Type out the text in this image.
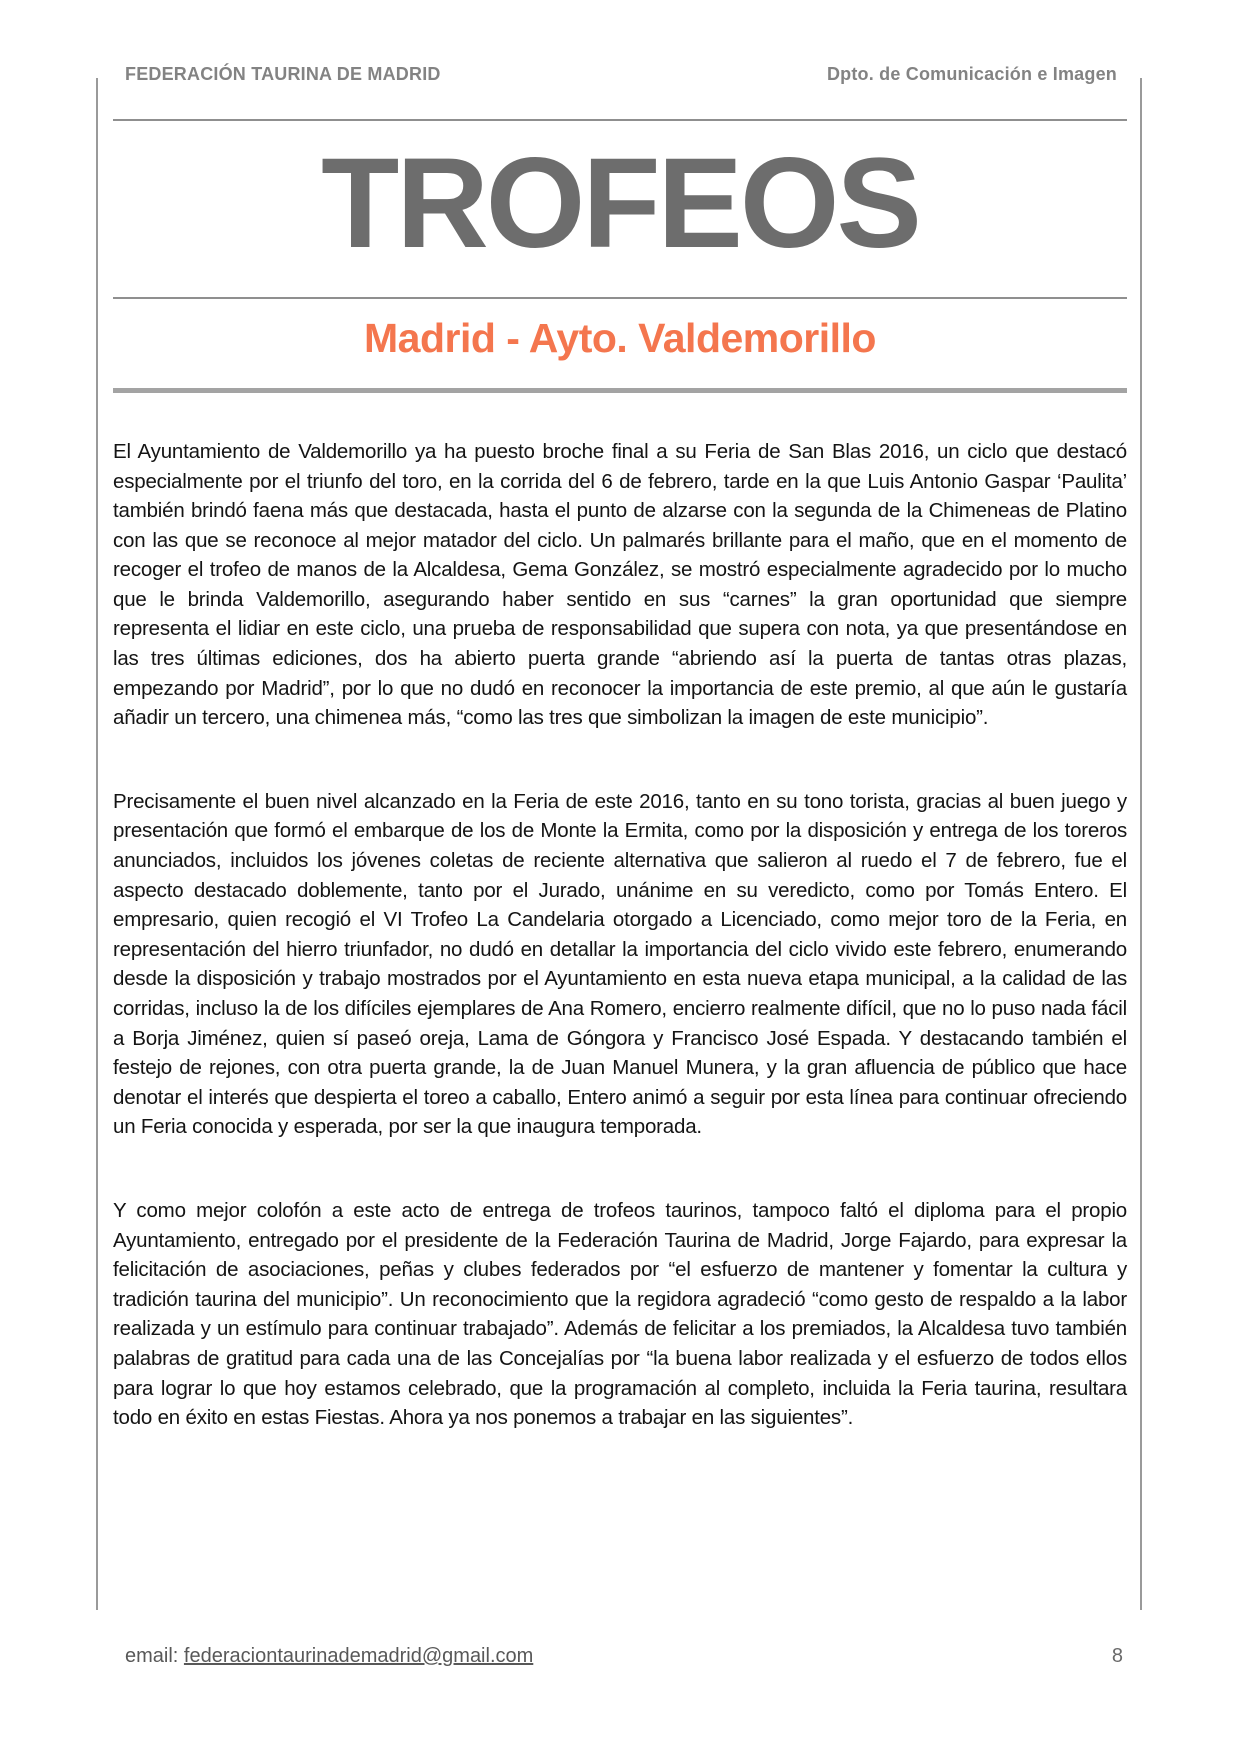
FEDERACIÓN TAURINA DE MADRID	Dpto. de Comunicación e Imagen
TROFEOS
Madrid - Ayto. Valdemorillo

El Ayuntamiento de Valdemorillo ya ha puesto broche final a su Feria de San Blas 2016, un ciclo que destacó especialmente por el triunfo del toro, en la corrida del 6 de febrero, tarde en la que Luis Antonio Gaspar ‘Paulita’ también brindó faena más que destacada, hasta el punto de alzarse con la segunda de la Chimeneas de Platino con las que se reconoce al mejor matador del ciclo. Un palmarés brillante para el maño, que en el momento de recoger el trofeo de manos de la Alcaldesa, Gema González, se mostró especialmente agradecido por lo mucho que le brinda Valdemorillo, asegurando haber sentido en sus “carnes” la gran oportunidad que siempre representa el lidiar en este ciclo, una prueba de responsabilidad que supera con nota, ya que presentándose en las tres últimas ediciones, dos ha abierto puerta grande “abriendo así la puerta de tantas otras plazas, empezando por Madrid”, por lo que no dudó en reconocer la importancia de este premio, al que aún le gustaría añadir un tercero, una chimenea más, “como las tres que simbolizan la imagen de este municipio”.

Precisamente el buen nivel alcanzado en la Feria de este 2016, tanto en su tono torista, gracias al buen juego y presentación que formó el embarque de los de Monte la Ermita, como por la disposición y entrega de los toreros anunciados, incluidos los jóvenes coletas de reciente alternativa que salieron al ruedo el 7 de febrero, fue el aspecto destacado doblemente, tanto por el Jurado, unánime en su veredicto, como por Tomás Entero. El empresario, quien recogió el VI Trofeo La Candelaria otorgado a Licenciado, como mejor toro de la Feria, en representación del hierro triunfador, no dudó en detallar la importancia del ciclo vivido este febrero, enumerando desde la disposición y trabajo mostrados por el Ayuntamiento en esta nueva etapa municipal, a la calidad de las corridas, incluso la de los difíciles ejemplares de Ana Romero, encierro realmente difícil, que no lo puso nada fácil a Borja Jiménez, quien sí paseó oreja, Lama de Góngora y Francisco José Espada. Y destacando también el festejo de rejones, con otra puerta grande, la de Juan Manuel Munera, y la gran afluencia de público que hace denotar el interés que despierta el toreo a caballo, Entero animó a seguir por esta línea para continuar ofreciendo un Feria conocida y esperada, por ser la que inaugura temporada.

Y como mejor colofón a este acto de entrega de trofeos taurinos, tampoco faltó el diploma para el propio Ayuntamiento, entregado por el presidente de la Federación Taurina de Madrid, Jorge Fajardo, para expresar la felicitación de asociaciones, peñas y clubes federados por “el esfuerzo de mantener y fomentar la cultura y tradición taurina del municipio”. Un reconocimiento que la regidora agradeció “como gesto de respaldo a la labor realizada y un estímulo para continuar trabajado”. Además de felicitar a los premiados, la Alcaldesa tuvo también palabras de gratitud para cada una de las Concejalías por “la buena labor realizada y el esfuerzo de todos ellos para lograr lo que hoy estamos celebrado, que la programación al completo, incluida la Feria taurina, resultara todo en éxito en estas Fiestas. Ahora ya nos ponemos a trabajar en las siguientes”.

email: federaciontaurinademadrid@gmail.com	8
